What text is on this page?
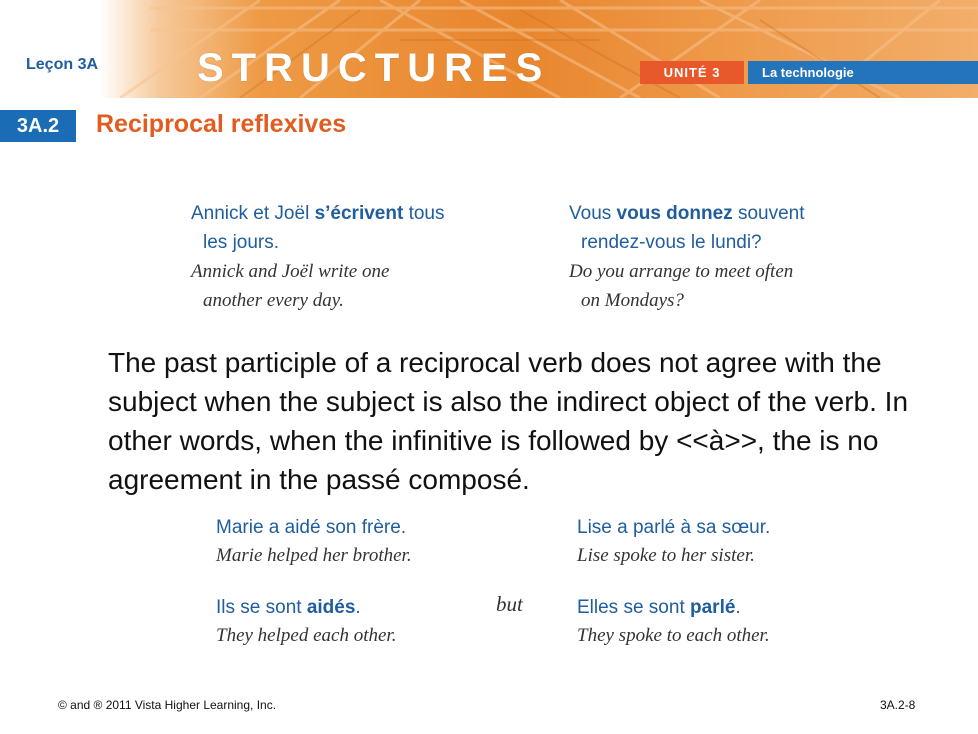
Leçon 3A STRUCTURES	UNITÉ 3	La technologie
3A.2	Reciprocal reflexives
Annick et Joël s’écrivent tous
les jours.
Annick and Joël write one
another every day.
Vous vous donnez souvent
rendez-vous le lundi?
Do you arrange to meet often
on Mondays?
The past participle of a reciprocal verb does not agree with the subject when the subject is also the indirect object of the verb. In other words, when the infinitive is followed by <<à>>, the is no agreement in the passé composé.
Marie a aidé son frère.
Marie helped her brother.
Lise a parlé à sa sœur.
Lise spoke to her sister.
Ils se sont aidés.
They helped each other.
but	Elles se sont parlé.
They spoke to each other.
© and ® 2011 Vista Higher Learning, Inc.	3A.2-8
